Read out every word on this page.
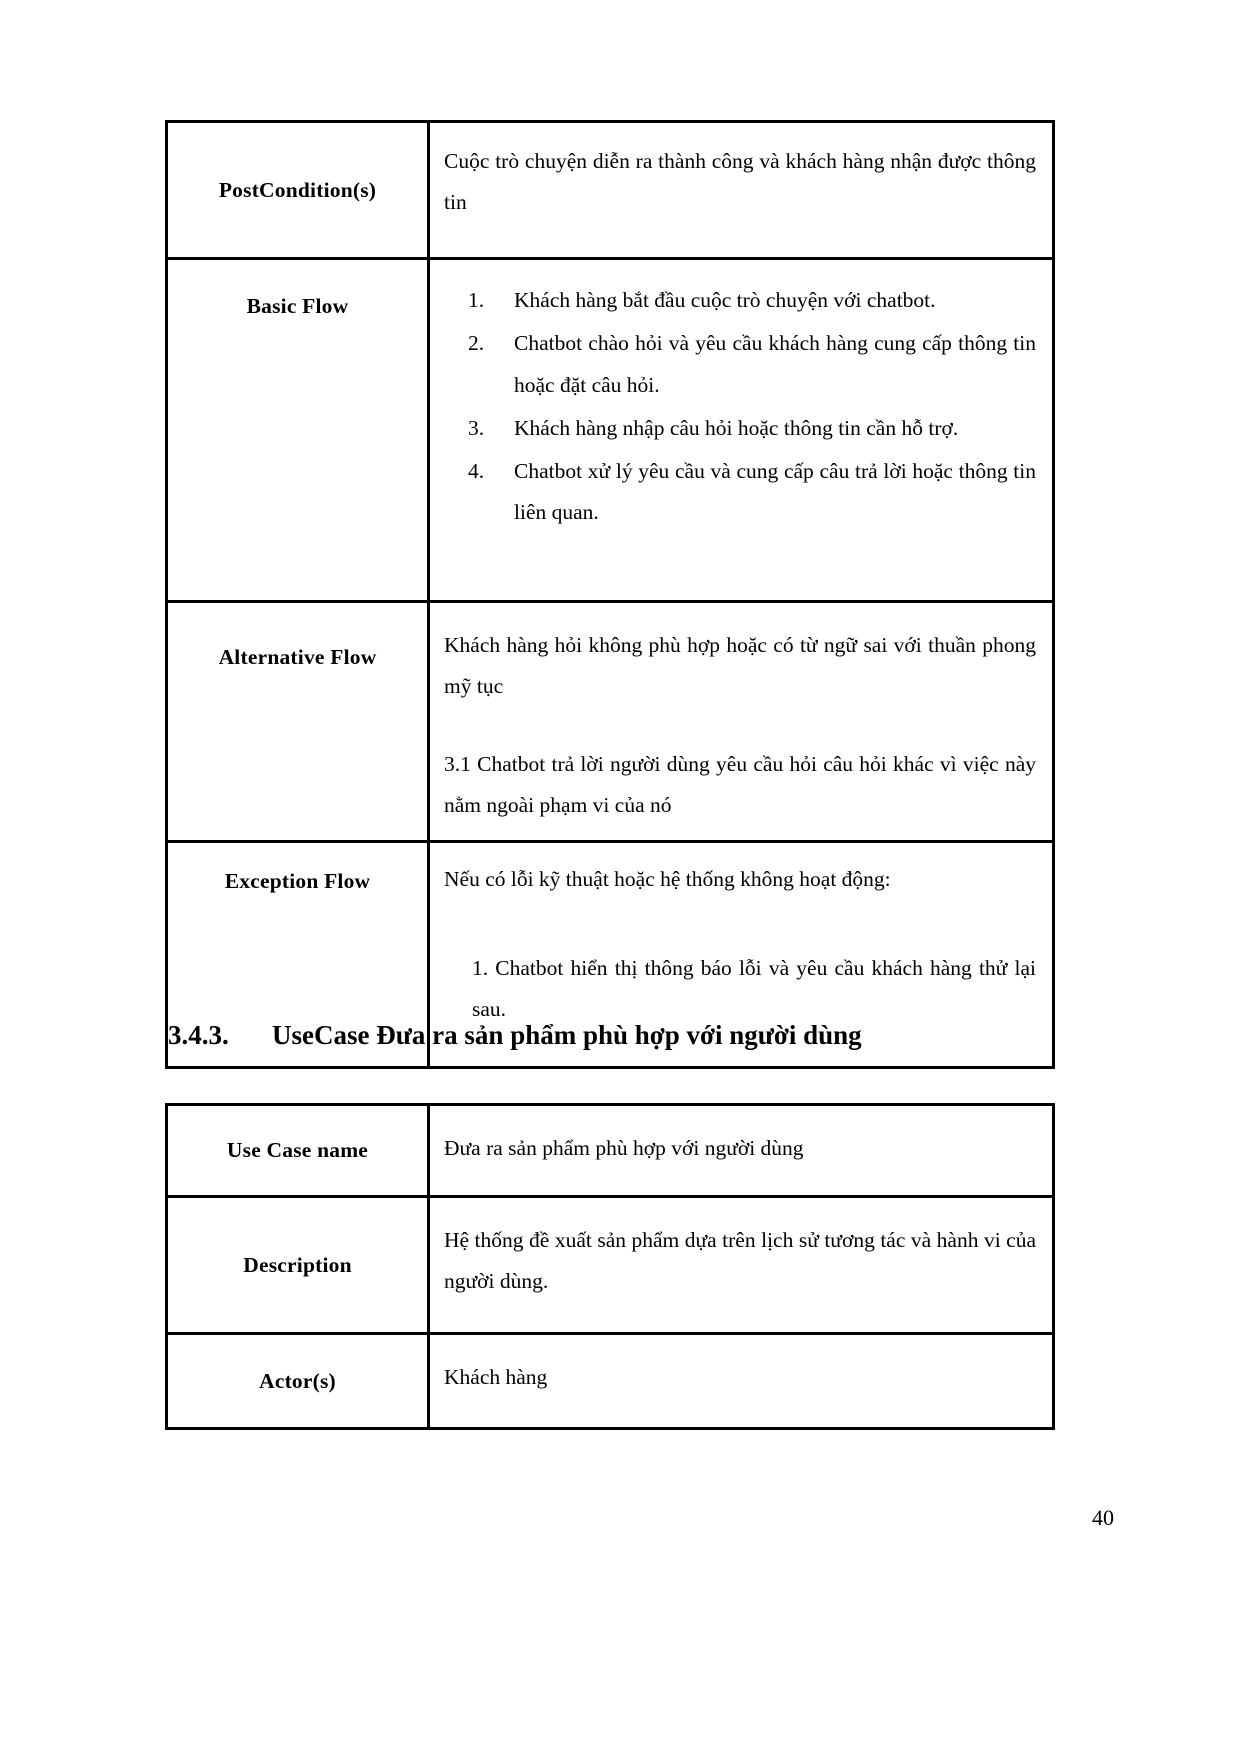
PostCondition(s)	Cuộc trò chuyện diễn ra thành công và khách hàng nhận được thông tin

Basic Flow	Khách hàng bắt đầu cuộc trò chuyện với chatbot.
Chatbot chào hỏi và yêu cầu khách hàng cung cấp thông tin hoặc đặt câu hỏi.
Khách hàng nhập câu hỏi hoặc thông tin cần hỗ trợ.
Chatbot xử lý yêu cầu và cung cấp câu trả lời hoặc thông tin liên quan.

Alternative Flow	Khách hàng hỏi không phù hợp hoặc có từ ngữ sai với thuần phong mỹ tục

3.1 Chatbot trả lời người dùng yêu cầu hỏi câu hỏi khác vì việc này nằm ngoài phạm vi của nó

Exception Flow	Nếu có lỗi kỹ thuật hoặc hệ thống không hoạt động:

1. Chatbot hiển thị thông báo lỗi và yêu cầu khách hàng thử lại sau.

3.4.3. UseCase Đưa ra sản phẩm phù hợp với người dùng
Use Case name	Đưa ra sản phẩm phù hợp với người dùng

Description	Hệ thống đề xuất sản phẩm dựa trên lịch sử tương tác và hành vi của người dùng.

Actor(s)	Khách hàng

40
